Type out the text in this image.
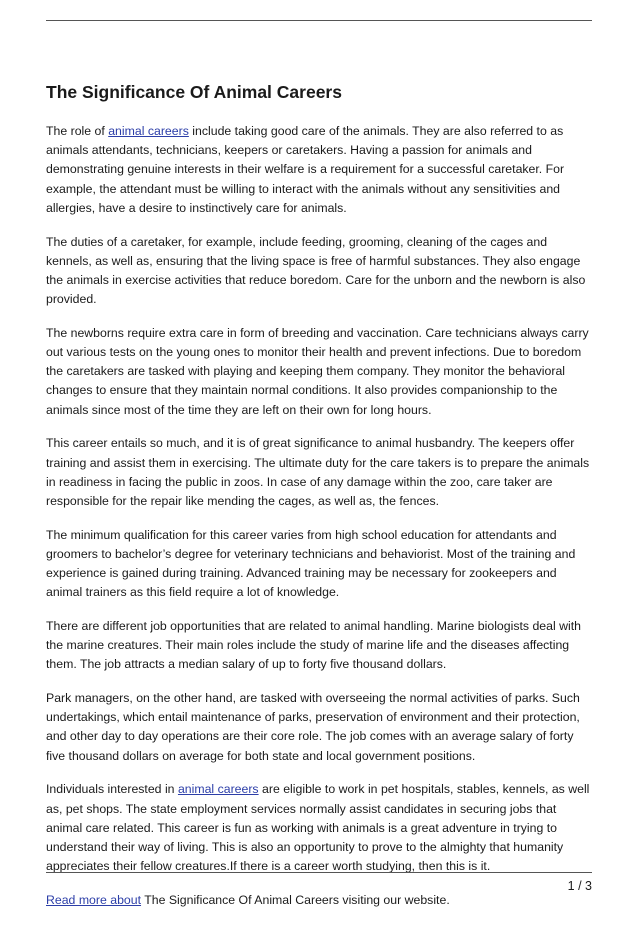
The Significance Of Animal Careers

The role of animal careers include taking good care of the animals. They are also referred to as animals attendants, technicians, keepers or caretakers. Having a passion for animals and demonstrating genuine interests in their welfare is a requirement for a successful caretaker. For example, the attendant must be willing to interact with the animals without any sensitivities and allergies, have a desire to instinctively care for animals.

The duties of a caretaker, for example, include feeding, grooming, cleaning of the cages and kennels, as well as, ensuring that the living space is free of harmful substances. They also engage the animals in exercise activities that reduce boredom. Care for the unborn and the newborn is also provided.

The newborns require extra care in form of breeding and vaccination. Care technicians always carry out various tests on the young ones to monitor their health and prevent infections. Due to boredom the caretakers are tasked with playing and keeping them company. They monitor the behavioral changes to ensure that they maintain normal conditions. It also provides companionship to the animals since most of the time they are left on their own for long hours.

This career entails so much, and it is of great significance to animal husbandry. The keepers offer training and assist them in exercising. The ultimate duty for the care takers is to prepare the animals in readiness in facing the public in zoos. In case of any damage within the zoo, care taker are responsible for the repair like mending the cages, as well as, the fences.

The minimum qualification for this career varies from high school education for attendants and groomers to bachelor’s degree for veterinary technicians and behaviorist. Most of the training and experience is gained during training. Advanced training may be necessary for zookeepers and animal trainers as this field require a lot of knowledge.

There are different job opportunities that are related to animal handling. Marine biologists deal with the marine creatures. Their main roles include the study of marine life and the diseases affecting them. The job attracts a median salary of up to forty five thousand dollars.

Park managers, on the other hand, are tasked with overseeing the normal activities of parks. Such undertakings, which entail maintenance of parks, preservation of environment and their protection, and other day to day operations are their core role. The job comes with an average salary of forty five thousand dollars on average for both state and local government positions.

Individuals interested in animal careers are eligible to work in pet hospitals, stables, kennels, as well as, pet shops. The state employment services normally assist candidates in securing jobs that animal care related. This career is fun as working with animals is a great adventure in trying to understand their way of living. This is also an opportunity to prove to the almighty that humanity appreciates their fellow creatures.If there is a career worth studying, then this is it.

Read more about The Significance Of Animal Careers visiting our website.

1 / 3
